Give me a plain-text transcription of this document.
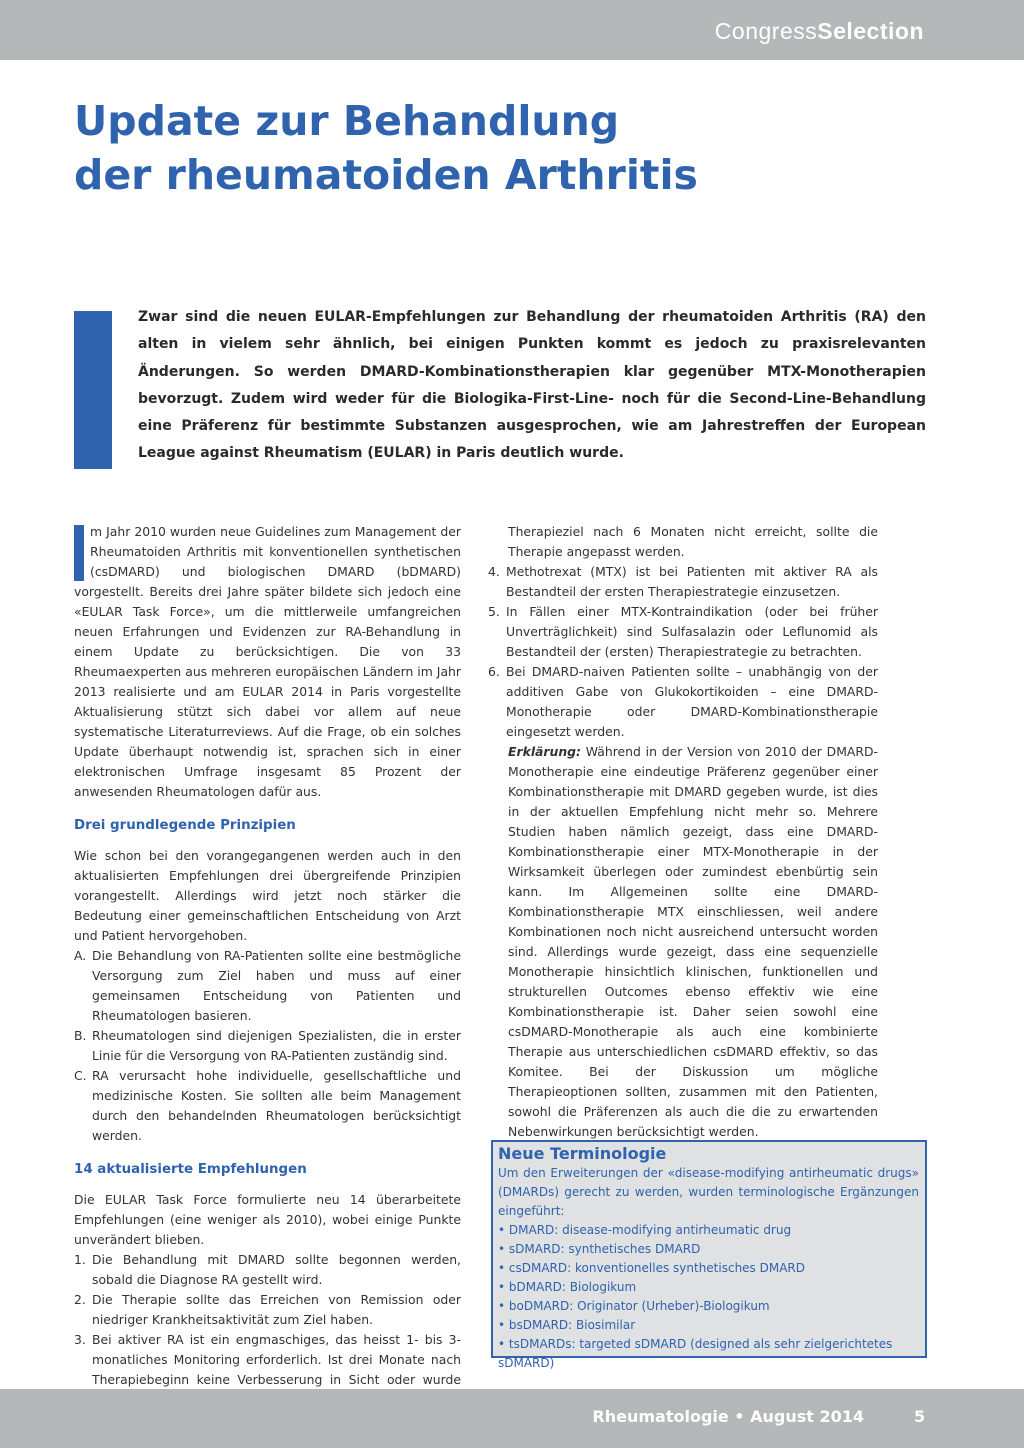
CongressSelection
Update zur Behandlung
der rheumatoiden Arthritis

Zwar sind die neuen EULAR-Empfehlungen zur Behandlung der rheumatoiden Arthritis (RA) den alten in vielem sehr ähnlich, bei einigen Punkten kommt es jedoch zu praxisrelevanten Änderungen. So werden DMARD-Kombinationstherapien klar gegenüber MTX-Monotherapien bevorzugt. Zudem wird weder für die Biologika-First-Line- noch für die Second-Line-Behandlung eine Präferenz für bestimmte Substanzen ausgesprochen, wie am Jahrestreffen der European League against Rheumatism (EULAR) in Paris deutlich wurde.

m Jahr 2010 wurden neue Guidelines zum Management der Rheumatoiden Arthritis mit konventionellen synthetischen (csDMARD) und biologischen DMARD (bDMARD) vorgestellt. Bereits drei Jahre später bildete sich jedoch eine «EULAR Task Force», um die mittlerweile umfangreichen neuen Erfahrungen und Evidenzen zur RA-Behandlung in einem Update zu berücksichtigen. Die von 33 Rheumaexperten aus mehreren europäischen Ländern im Jahr 2013 realisierte und am EULAR 2014 in Paris vorgestellte Aktualisierung stützt sich dabei vor allem auf neue systematische Literaturreviews. Auf die Frage, ob ein solches Update überhaupt notwendig ist, sprachen sich in einer elektronischen Umfrage insgesamt 85 Prozent der anwesenden Rheumatologen dafür aus.

Drei grundlegende Prinzipien

Wie schon bei den vorangegangenen werden auch in den aktualisierten Empfehlungen drei übergreifende Prinzipien vorangestellt. Allerdings wird jetzt noch stärker die Bedeutung einer gemeinschaftlichen Entscheidung von Arzt und Patient hervorgehoben.

A. Die Behandlung von RA-Patienten sollte eine bestmögliche Versorgung zum Ziel haben und muss auf einer gemeinsamen Entscheidung von Patienten und Rheumatologen basieren.
B. Rheumatologen sind diejenigen Spezialisten, die in erster Linie für die Versorgung von RA-Patienten zuständig sind.
C. RA verursacht hohe individuelle, gesellschaftliche und medizinische Kosten. Sie sollten alle beim Management durch den behandelnden Rheumatologen berücksichtigt werden.

14 aktualisierte Empfehlungen

Die EULAR Task Force formulierte neu 14 überarbeitete Empfehlungen (eine weniger als 2010), wobei einige Punkte unverändert blieben.

1. Die Behandlung mit DMARD sollte begonnen werden, sobald die Diagnose RA gestellt wird.
2. Die Therapie sollte das Erreichen von Remission oder niedriger Krankheitsaktivität zum Ziel haben.
3. Bei aktiver RA ist ein engmaschiges, das heisst 1- bis 3-monatliches Monitoring erforderlich. Ist drei Monate nach Therapiebeginn keine Verbesserung in Sicht oder wurde

Therapieziel nach 6 Monaten nicht erreicht, sollte die Therapie angepasst werden.

4. Methotrexat (MTX) ist bei Patienten mit aktiver RA als Bestandteil der ersten Therapiestrategie einzusetzen.
5. In Fällen einer MTX-Kontraindikation (oder bei früher Unverträglichkeit) sind Sulfasalazin oder Leflunomid als Bestandteil der (ersten) Therapiestrategie zu betrachten.
6. Bei DMARD-naiven Patienten sollte – unabhängig von der additiven Gabe von Glukokortikoiden – eine DMARD-Monotherapie oder DMARD-Kombinationstherapie eingesetzt werden.

Erklärung: Während in der Version von 2010 der DMARD-Monotherapie eine eindeutige Präferenz gegenüber einer Kombinationstherapie mit DMARD gegeben wurde, ist dies in der aktuellen Empfehlung nicht mehr so. Mehrere Studien haben nämlich gezeigt, dass eine DMARD-Kombinationstherapie einer MTX-Monotherapie in der Wirksamkeit überlegen oder zumindest ebenbürtig sein kann. Im Allgemeinen sollte eine DMARD-Kombinationstherapie MTX einschliessen, weil andere Kombinationen noch nicht ausreichend untersucht worden sind. Allerdings wurde gezeigt, dass eine sequenzielle Monotherapie hinsichtlich klinischen, funktionellen und strukturellen Outcomes ebenso effektiv wie eine Kombinationstherapie ist. Daher seien sowohl eine csDMARD-Monotherapie als auch eine kombinierte Therapie aus unterschiedlichen csDMARD effektiv, so das Komitee. Bei der Diskussion um mögliche Therapieoptionen sollten, zusammen mit den Patienten, sowohl die Präferenzen als auch die die zu erwartenden Nebenwirkungen berücksichtigt werden.

Neue Terminologie

Um den Erweiterungen der «disease-modifying antirheumatic drugs» (DMARDs) gerecht zu werden, wurden terminologische Ergänzungen eingeführt:

• DMARD: disease-modifying antirheumatic drug

• sDMARD: synthetisches DMARD

• csDMARD: konventionelles synthetisches DMARD

• bDMARD: Biologikum

• boDMARD: Originator (Urheber)-Biologikum

• bsDMARD: Biosimilar

• tsDMARDs: targeted sDMARD (designed als sehr zielgerichtetes sDMARD)

Rheumatologie • August 2014	5
